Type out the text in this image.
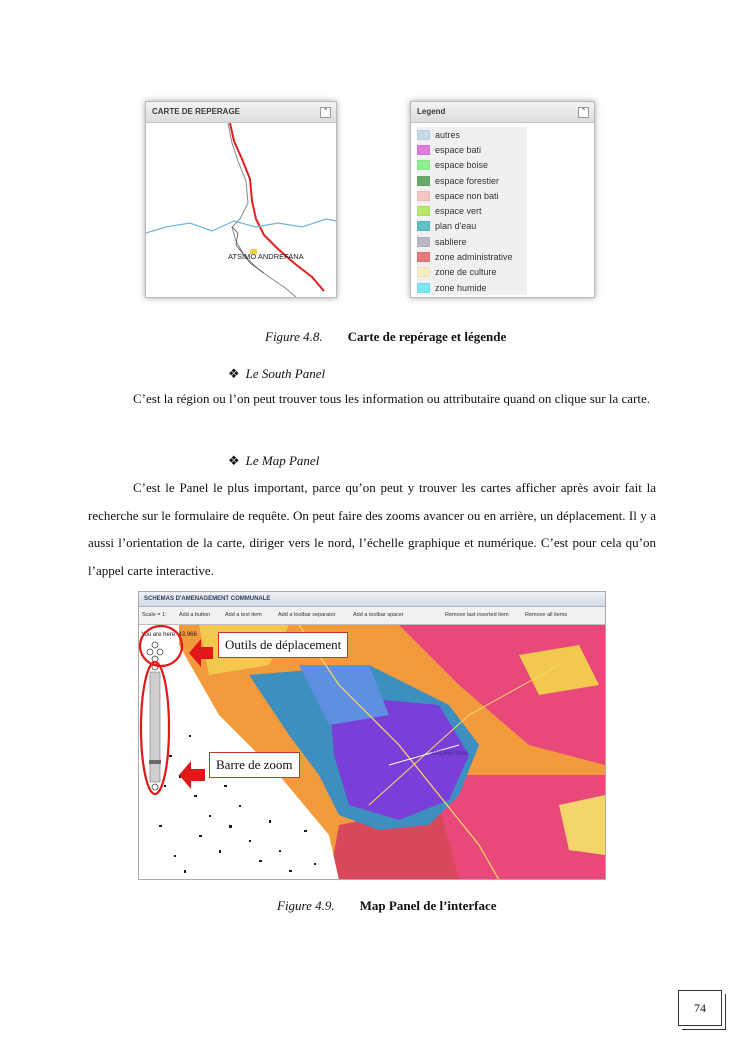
CARTE DE REPERAGE	⌃
ATSIMO ANDREFANA
Legend	⌃
autres
espace bati
espace boise
espace forestier
espace non bati
espace vert
plan d'eau
sabliere
zone administrative
zone de culture
zone humide
Figure 4.8. Carte de repérage et légende
❖ Le South Panel
C’est la région ou l’on peut trouver tous les information ou attributaire quand on clique sur la carte.
❖ Le Map Panel
C’est le Panel le plus important, parce qu’on peut y trouver les cartes afficher après avoir fait la recherche sur le formulaire de requête. On peut faire des zooms avancer ou en arrière, un déplacement. Il y a aussi l’orientation de la carte, diriger vers le nord, l’échelle graphique et numérique. C’est pour cela qu’on l’appel carte interactive.
SCHEMAS D'AMENAGEMENT COMMUNALE
Scale = 1: Add a button	Add a text item	Add a toolbar separator	Add a toolbar spacer	Remove last inserted item	Remove all items
ANDREFANA
You are here: 43.966
Outils de déplacement
Barre de zoom
Figure 4.9. Map Panel de l’interface
74
